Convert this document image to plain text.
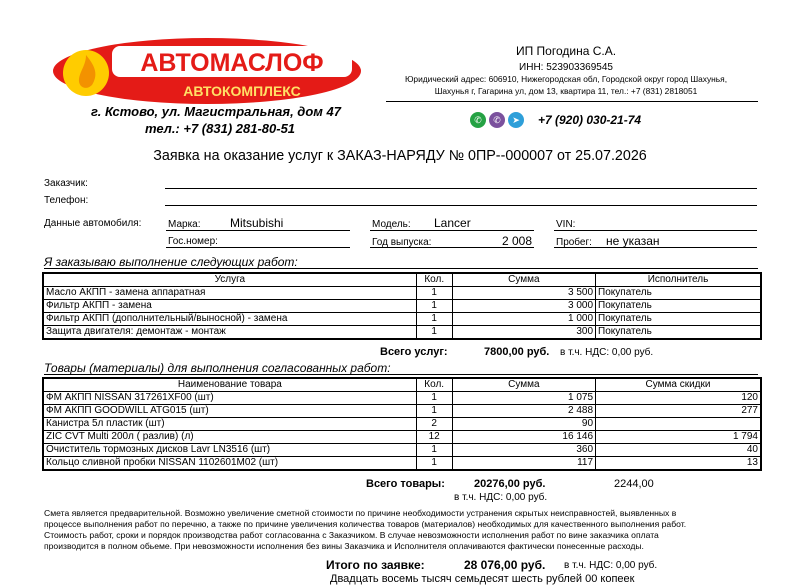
АВТОМАСЛОФ
АВТОКОМПЛЕКС
г. Кстово, ул. Магистральная, дом 47
тел.: +7 (831) 281-80-51
ИП Погодина С.А.
ИНН: 523903369545
Юридический адрес: 606910, Нижегородская обл, Городской округ город Шахунья,
Шахунья г, Гагарина ул, дом 13, квартира 11, тел.: +7 (831) 2818051
✆	✆	➤	+7 (920) 030-21-74
Заявка на оказание услуг к ЗАКАЗ-НАРЯДУ № 0ПР--000007 от 25.07.2026
Заказчик:
Телефон:
Данные автомобиля:	Марка: Mitsubishi	Модель: Lancer	VIN:
Гос.номер:	Год выпуска:	2 008 Пробег: не указан
Я заказываю выполнение следующих работ:
Услуга	Кол.	Сумма	Исполнитель
Масло АКПП - замена аппаратная	1	3 500	Покупатель
Фильтр АКПП - замена	1	3 000	Покупатель
Фильтр АКПП (дополнительный/выносной) - замена	1	1 000	Покупатель
Защита двигателя: демонтаж - монтаж	1	300	Покупатель
Всего услуг:	7800,00 руб. в т.ч. НДС: 0,00 руб.
Товары (материалы) для выполнения согласованных работ:
Наименование товара	Кол.	Сумма	Сумма скидки
ФМ АКПП NISSAN 317261XF00 (шт)	1	1 075	120
ФМ АКПП GOODWILL ATG015 (шт)	1	2 488	277
Канистра 5л пластик (шт)	2	90	
ZIC CVT Multi 200л ( разлив) (л)	12	16 146	1 794
Очиститель тормозных дисков Lavr LN3516 (шт)	1	360	40
Кольцо сливной пробки NISSAN 1102601M02 (шт)	1	117	13
Всего товары:	20276,00 руб.	2244,00
в т.ч. НДС: 0,00 руб.
Смета является предварительной. Возможно увеличение сметной стоимости по причине необходимости устранения скрытых неисправностей, выявленных в
процессе выполнения работ по перечню, а также по причине увеличения количества товаров (материалов) необходимых для качественного выполнения работ.
Стоимость работ, сроки и порядок производства работ согласованна с Заказчиком. В случае невозможности исполнения работ по вине заказчика оплата
производится в полном обьеме. При невозможности исполнения без вины Заказчика и Исполнителя оплачиваются фактически понесенные расходы.
Итого по заявке:	28 076,00 руб. в т.ч. НДС: 0,00 руб.
Двадцать восемь тысяч семьдесят шесть рублей 00 копеек
